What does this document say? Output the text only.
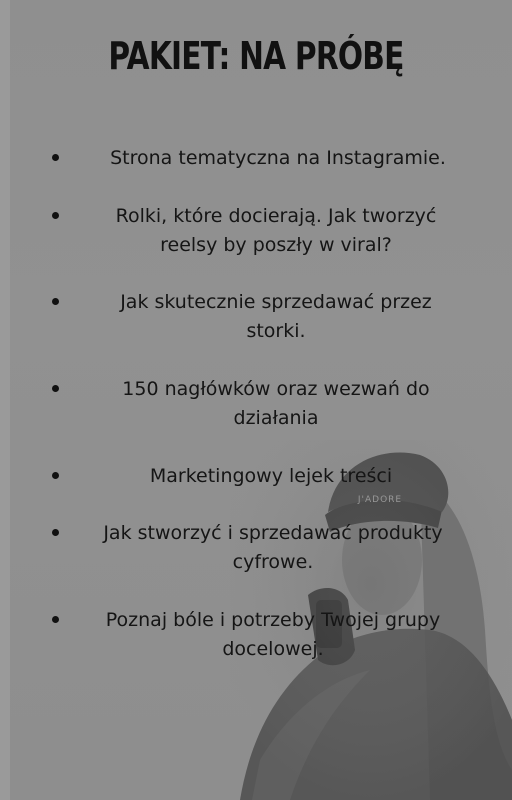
J'ADORE
PAKIET: NA PRÓBĘ
Strona tematyczna na Instagramie.
Rolki, które docierają. Jak tworzyć reelsy by poszły w viral?
Jak skutecznie sprzedawać przez storki.
150 nagłówków oraz wezwań do działania
Marketingowy lejek treści
Jak stworzyć i sprzedawać produkty cyfrowe.
Poznaj bóle i potrzeby Twojej grupy docelowej.
